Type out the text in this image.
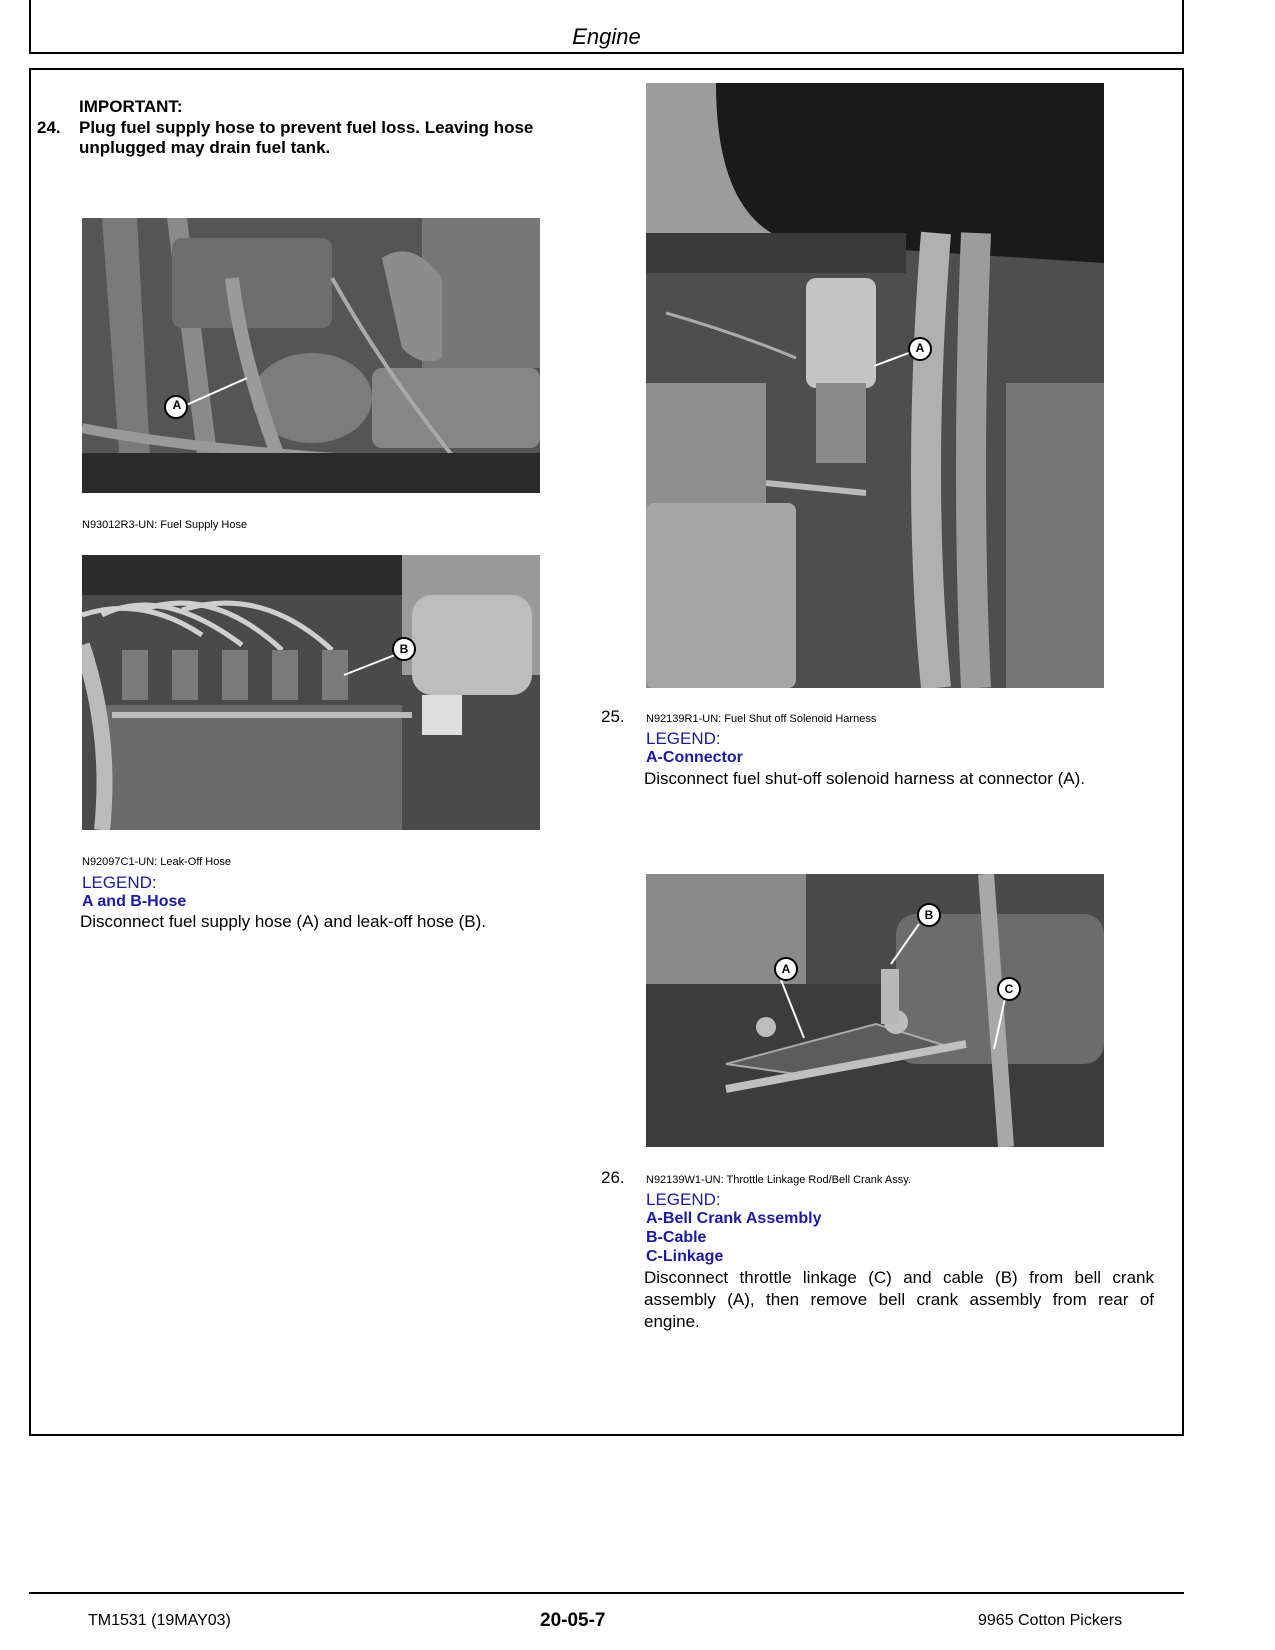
Engine
IMPORTANT:
24. Plug fuel supply hose to prevent fuel loss. Leaving hose
unplugged may drain fuel tank.
A
N93012R3-UN: Fuel Supply Hose
B
N92097C1-UN: Leak-Off Hose
LEGEND:
A and B-Hose
Disconnect fuel supply hose (A) and leak-off hose (B).
A
25. N92139R1-UN: Fuel Shut off Solenoid Harness
LEGEND:
A-Connector
Disconnect fuel shut-off solenoid harness at connector (A).
A
B
C
26. N92139W1-UN: Throttle Linkage Rod/Bell Crank Assy.
LEGEND:
A-Bell Crank Assembly
B-Cable
C-Linkage
Disconnect throttle linkage (C) and cable (B) from bell crank assembly (A), then remove bell crank assembly from rear of engine.
TM1531 (19MAY03)	20-05-7	9965 Cotton Pickers
